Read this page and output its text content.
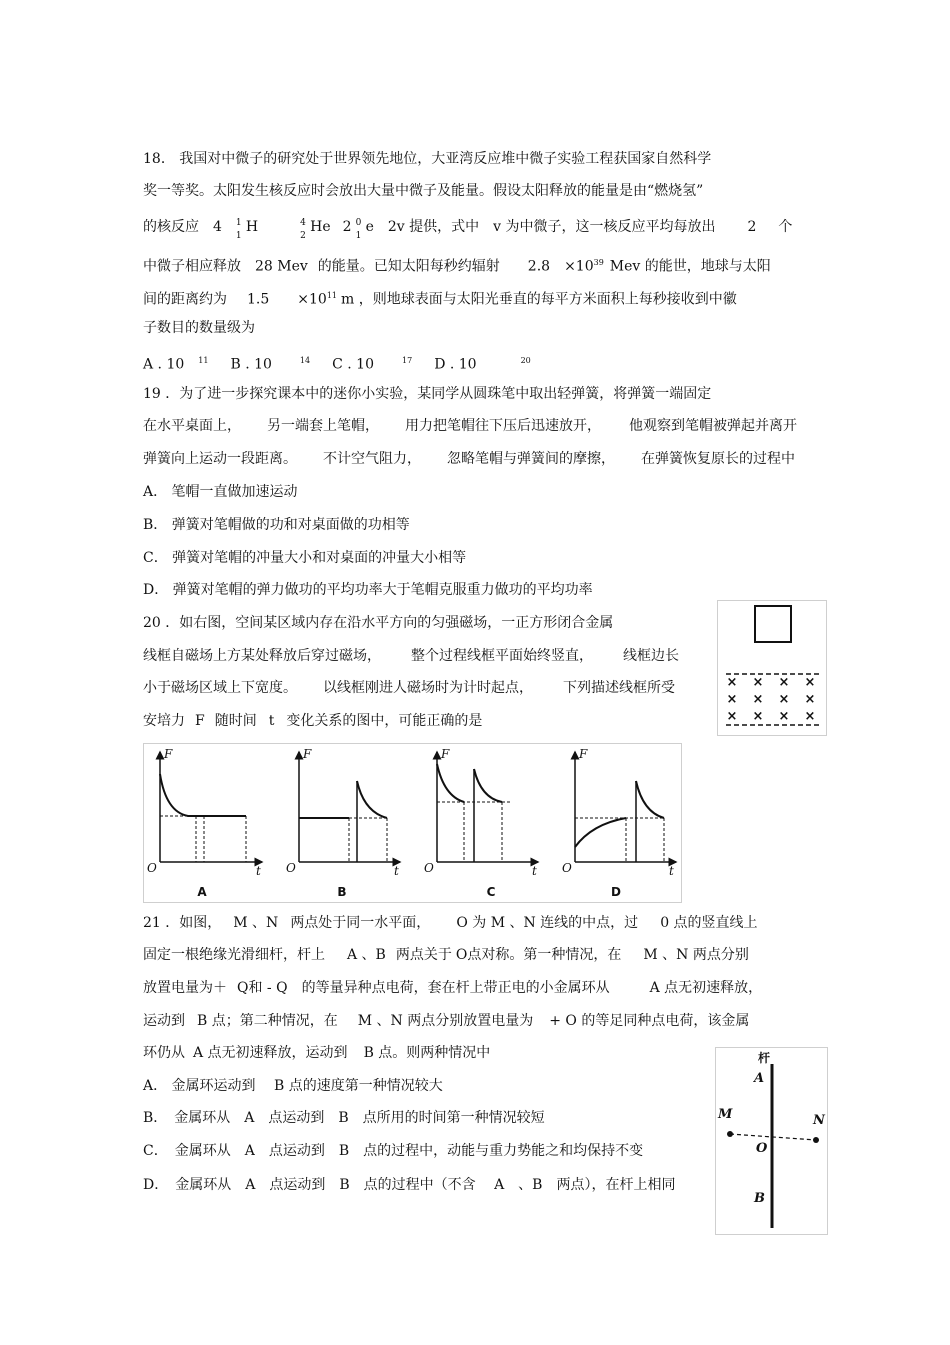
18． 我国对中微子的研究处于世界领先地位，大亚湾反应堆中微子实验工程获国家自然科学
奖一等奖。太阳发生核反应时会放出大量中微子及能量。假设太阳释放的能量是由“燃烧氢”
的核反应 4 1
1
H	4
2
He 2 0
1
e 2v 提供，式中 v 为中微子，这一核反应平均每放出 2 个
中微子相应释放 28 Mev 的能量。已知太阳每秒约辐射 $2.8 \times 10^{39}$ Mev 的能世，地球与太阳
间的距离约为 $1.5 \times 10^{11}$ m ，则地球表面与太阳光垂直的每平方米面积上每秒接收到中徽
子数目的数量级为
A . 10 $^{11}$ B . 10	$^{14}$ C . 10	$^{17}$ D . 10	$^{20}$
19 ．为了进一步探究课本中的迷你小实验，某同学从圆珠笔中取出轻弹簧，将弹簧一端固定
在水平桌面上， 另一端套上笔帽， 用力把笔帽往下压后迅速放开， 他观察到笔帽被弹起并离开
弹簧向上运动一段距离。 不计空气阻力， 忽略笔帽与弹簧间的摩擦， 在弹簧恢复原长的过程中
A． 笔帽一直做加速运动
B． 弹簧对笔帽做的功和对桌面做的功相等
C． 弹簧对笔帽的冲量大小和对桌面的冲量大小相等
D． 弹簧对笔帽的弹力做功的平均功率大于笔帽克服重力做功的平均功率
20 ．如右图，空间某区域内存在沿水平方向的匀强磁场，一正方形闭合金属
线框自磁场上方某处释放后穿过磁场， 整个过程线框平面始终竖直， 线框边长
小于磁场区域上下宽度。 以线框刚进人磁场时为计时起点， 下列描述线框所受
安培力 F 随时间 t 变化关系的图中，可能正确的是
× × × ×
× × × ×
× × × ×
F
t
O
F
t
O
F
t
O
F
t
O
A	B	C	D
21 ．如图， M 、N 两点处于同一水平面， O 为 M 、N 连线的中点，过 0 点的竖直线上
固定一根绝缘光滑细杆，杆上 A 、B 两点关于 O点对称。第一种情况，在 M 、N 两点分别
放置电量为＋ Q和 - Q 的等量异种点电荷，套在杆上带正电的小金属环从	A 点无初速释放，
运动到 B 点；第二种情况，在 M 、N 两点分别放置电量为 + O 的等足同种点电荷，该金属
环仍从 A 点无初速释放，运动到 B 点。则两种情况中
A． 金属环运动到　 B 点的速度第一种情况较大
B．　金属环从　A　点运动到　B　点所用的时间第一种情况较短
C．　金属环从　A　点运动到　B　点的过程中，动能与重力势能之和均保持不变
D．　金属环从　A　点运动到　B　点的过程中（不含　 A　、B　两点），在杆上相同
杆
A
M	N
O
B
